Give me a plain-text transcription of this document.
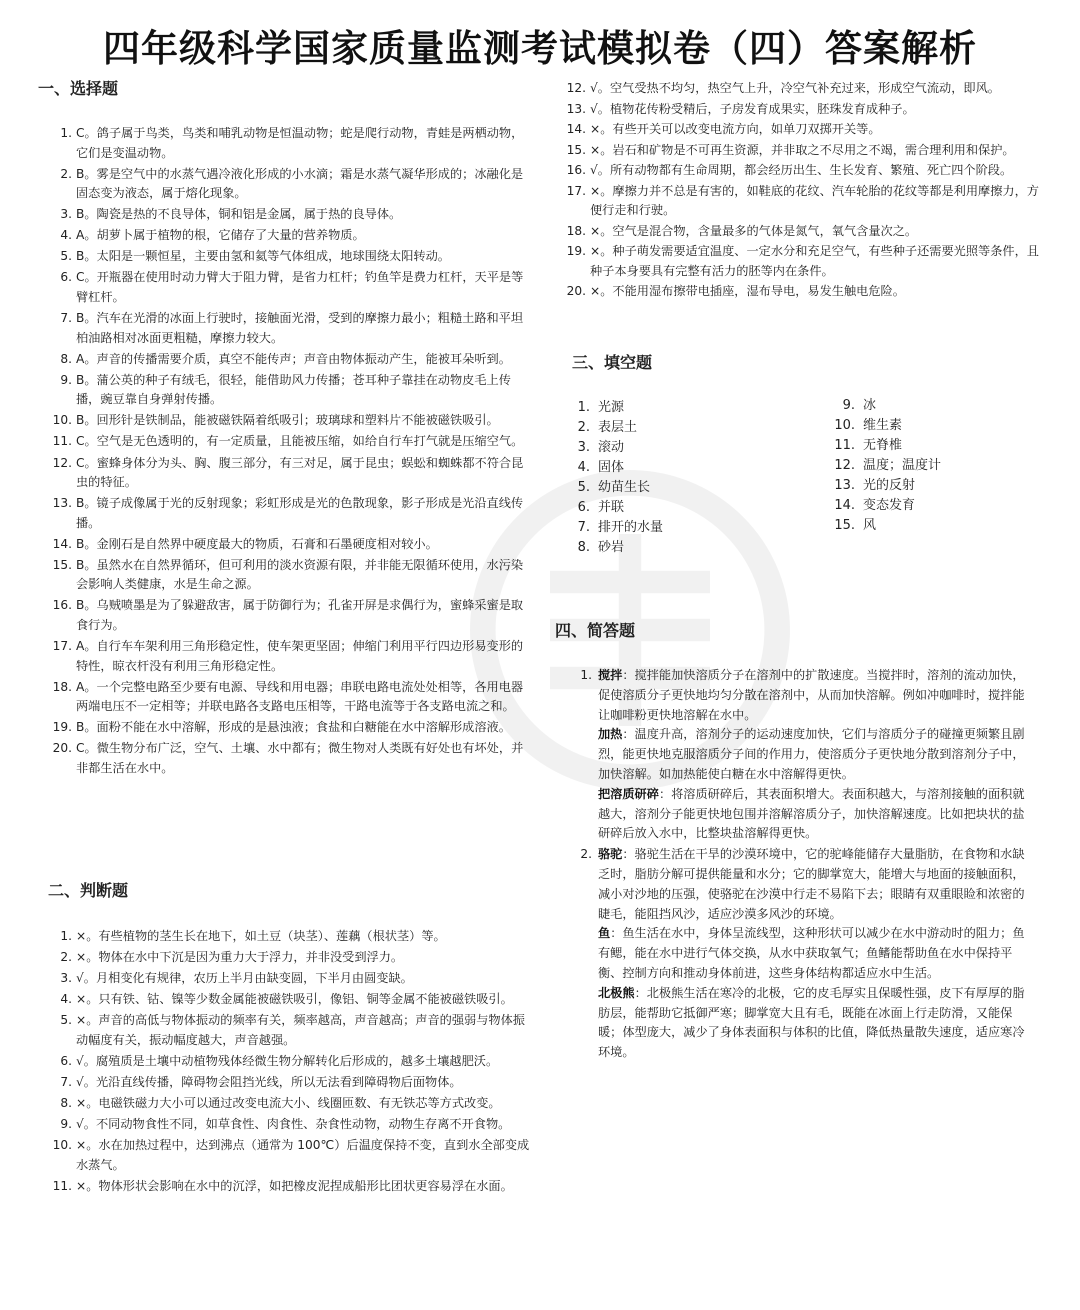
四年级科学国家质量监测考试模拟卷（四）答案解析
一、选择题
1. C。鸽子属于鸟类，鸟类和哺乳动物是恒温动物；蛇是爬行动物，青蛙是两栖动物，它们是变温动物。
2. B。雾是空气中的水蒸气遇冷液化形成的小水滴；霜是水蒸气凝华形成的；冰融化是固态变为液态，属于熔化现象。
3. B。陶瓷是热的不良导体，铜和铝是金属，属于热的良导体。
4. A。胡萝卜属于植物的根，它储存了大量的营养物质。
5. B。太阳是一颗恒星，主要由氢和氦等气体组成，地球围绕太阳转动。
6. C。开瓶器在使用时动力臂大于阻力臂，是省力杠杆；钓鱼竿是费力杠杆，天平是等臂杠杆。
7. B。汽车在光滑的冰面上行驶时，接触面光滑，受到的摩擦力最小；粗糙土路和平坦柏油路相对冰面更粗糙，摩擦力较大。
8. A。声音的传播需要介质，真空不能传声；声音由物体振动产生，能被耳朵听到。
9. B。蒲公英的种子有绒毛，很轻，能借助风力传播；苍耳种子靠挂在动物皮毛上传播，豌豆靠自身弹射传播。
10. B。回形针是铁制品，能被磁铁隔着纸吸引；玻璃球和塑料片不能被磁铁吸引。
11. C。空气是无色透明的，有一定质量，且能被压缩，如给自行车打气就是压缩空气。
12. C。蜜蜂身体分为头、胸、腹三部分，有三对足，属于昆虫；蜈蚣和蜘蛛都不符合昆虫的特征。
13. B。镜子成像属于光的反射现象；彩虹形成是光的色散现象，影子形成是光沿直线传播。
14. B。金刚石是自然界中硬度最大的物质，石膏和石墨硬度相对较小。
15. B。虽然水在自然界循环，但可利用的淡水资源有限，并非能无限循环使用，水污染会影响人类健康，水是生命之源。
16. B。乌贼喷墨是为了躲避敌害，属于防御行为；孔雀开屏是求偶行为，蜜蜂采蜜是取食行为。
17. A。自行车车架利用三角形稳定性，使车架更坚固；伸缩门利用平行四边形易变形的特性，晾衣杆没有利用三角形稳定性。
18. A。一个完整电路至少要有电源、导线和用电器；串联电路电流处处相等，各用电器两端电压不一定相等；并联电路各支路电压相等，干路电流等于各支路电流之和。
19. B。面粉不能在水中溶解，形成的是悬浊液；食盐和白糖能在水中溶解形成溶液。
20. C。微生物分布广泛，空气、土壤、水中都有；微生物对人类既有好处也有坏处，并非都生活在水中。
二、判断题
1. ×。有些植物的茎生长在地下，如土豆（块茎）、莲藕（根状茎）等。
2. ×。物体在水中下沉是因为重力大于浮力，并非没受到浮力。
3. √。月相变化有规律，农历上半月由缺变圆，下半月由圆变缺。
4. ×。只有铁、钴、镍等少数金属能被磁铁吸引，像铝、铜等金属不能被磁铁吸引。
5. ×。声音的高低与物体振动的频率有关，频率越高，声音越高；声音的强弱与物体振动幅度有关，振动幅度越大，声音越强。
6. √。腐殖质是土壤中动植物残体经微生物分解转化后形成的，越多土壤越肥沃。
7. √。光沿直线传播，障碍物会阻挡光线，所以无法看到障碍物后面物体。
8. ×。电磁铁磁力大小可以通过改变电流大小、线圈匝数、有无铁芯等方式改变。
9. √。不同动物食性不同，如草食性、肉食性、杂食性动物，动物生存离不开食物。
10. ×。水在加热过程中，达到沸点（通常为 100℃）后温度保持不变，直到水全部变成水蒸气。
11. ×。物体形状会影响在水中的沉浮，如把橡皮泥捏成船形比团状更容易浮在水面。
12. √。空气受热不均匀，热空气上升，冷空气补充过来，形成空气流动，即风。
13. √。植物花传粉受精后，子房发育成果实，胚珠发育成种子。
14. ×。有些开关可以改变电流方向，如单刀双掷开关等。
15. ×。岩石和矿物是不可再生资源，并非取之不尽用之不竭，需合理利用和保护。
16. √。所有动物都有生命周期，都会经历出生、生长发育、繁殖、死亡四个阶段。
17. ×。摩擦力并不总是有害的，如鞋底的花纹、汽车轮胎的花纹等都是利用摩擦力，方便行走和行驶。
18. ×。空气是混合物，含量最多的气体是氮气，氧气含量次之。
19. ×。种子萌发需要适宜温度、一定水分和充足空气，有些种子还需要光照等条件，且种子本身要具有完整有活力的胚等内在条件。
20. ×。不能用湿布擦带电插座，湿布导电，易发生触电危险。
三、填空题
1. 光源
2. 表层土
3. 滚动
4. 固体
5. 幼苗生长
6. 并联
7. 排开的水量
8. 砂岩
9. 冰
10. 维生素
11. 无脊椎
12. 温度；温度计
13. 光的反射
14. 变态发育
15. 风
四、简答题
1. 搅拌：搅拌能加快溶质分子在溶剂中的扩散速度。当搅拌时，溶剂的流动加快，促使溶质分子更快地均匀分散在溶剂中，从而加快溶解。例如冲咖啡时，搅拌能让咖啡粉更快地溶解在水中。
加热：温度升高，溶剂分子的运动速度加快，它们与溶质分子的碰撞更频繁且剧烈，能更快地克服溶质分子间的作用力，使溶质分子更快地分散到溶剂分子中，加快溶解。如加热能使白糖在水中溶解得更快。
把溶质研碎：将溶质研碎后，其表面积增大。表面积越大，与溶剂接触的面积就越大，溶剂分子能更快地包围并溶解溶质分子，加快溶解速度。比如把块状的盐研碎后放入水中，比整块盐溶解得更快。
2. 骆驼：骆驼生活在干旱的沙漠环境中，它的驼峰能储存大量脂肪，在食物和水缺乏时，脂肪分解可提供能量和水分；它的脚掌宽大，能增大与地面的接触面积，减小对沙地的压强，使骆驼在沙漠中行走不易陷下去；眼睛有双重眼睑和浓密的睫毛，能阻挡风沙，适应沙漠多风沙的环境。
鱼：鱼生活在水中，身体呈流线型，这种形状可以减少在水中游动时的阻力；鱼有鳃，能在水中进行气体交换，从水中获取氧气；鱼鳍能帮助鱼在水中保持平衡、控制方向和推动身体前进，这些身体结构都适应水中生活。
北极熊：北极熊生活在寒冷的北极，它的皮毛厚实且保暖性强，皮下有厚厚的脂肪层，能帮助它抵御严寒；脚掌宽大且有毛，既能在冰面上行走防滑，又能保暖；体型庞大，减少了身体表面积与体积的比值，降低热量散失速度，适应寒冷环境。
